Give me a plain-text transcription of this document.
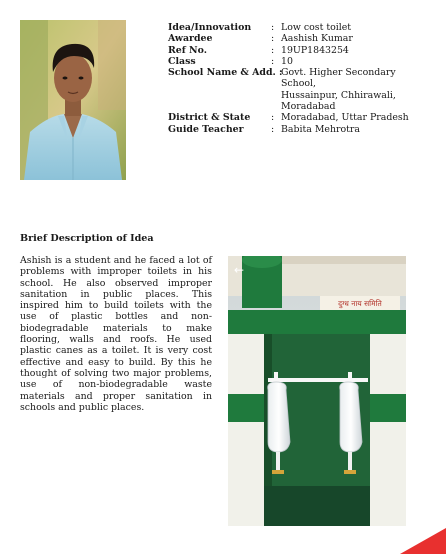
Idea/Innovation	: Low cost toilet
Awardee	: Aashish Kumar
Ref No.	: 19UP1843254
Class	: 10
School Name & Add. :
Govt. Higher Secondary School,
Hussainpur, Chhirawali,
Moradabad
District & State	: Moradabad, Uttar Pradesh
Guide Teacher	: Babita Mehrotra
Brief Description of Idea

Ashish is a student and he faced a lot of problems with improper toilets in his school. He also observed improper sanitation in public places. This inspired him to build toilets with the use of plastic bottles and non-biodegradable materials to make flooring, walls and roofs. He used plastic canes as a toilet. It is very cost effective and easy to build. By this he thought of solving two major problems, use of non-biodegradable waste materials and proper sanitation in schools and public places.

दुग्ध नाय समिति
←
